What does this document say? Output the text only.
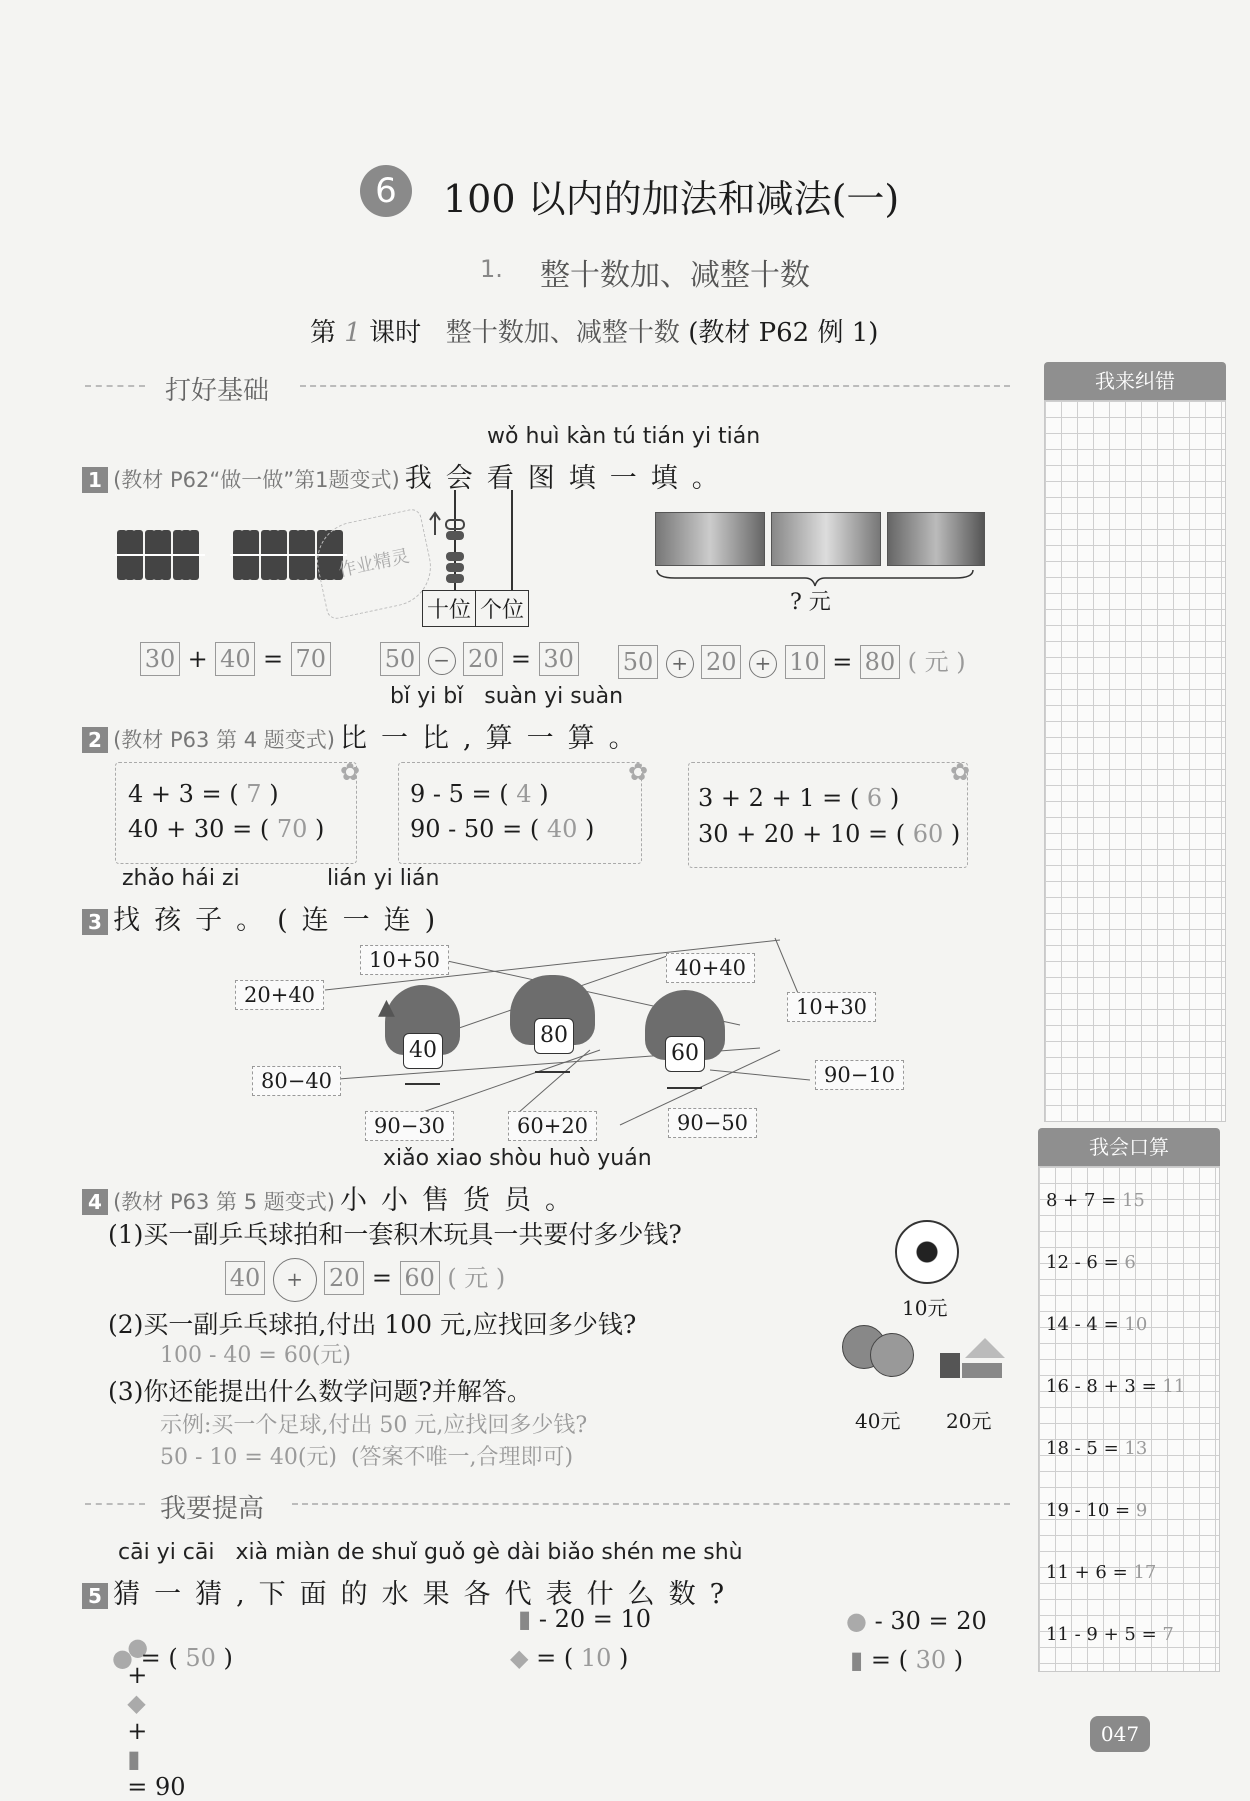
6	100 以内的加法和减法(一)
1. 整十数加、减整十数
第 1 课时 整十数加、减整十数 (教材 P62 例 1)
打好基础	我来纠错
我会口算
8 + 7 = 15
12 - 6 = 6
14 - 4 = 10
16 - 8 + 3 = 11
18 - 5 = 13
19 - 10 = 9
11 + 6 = 17
11 - 9 + 5 = 7
wǒ huì kàn tú tián yi tián
1 (教材 P62“做一做”第1题变式) 我会看图填一填。
作业精灵
十位 个位	? 元
30 + 40 = 70 50 − 20 = 30 50 + 20 + 10 = 80 ( 元 )
bǐ yi bǐ   suàn yi suàn
2 (教材 P63 第 4 题变式) 比一比,算一算。
4 + 3 = ( 7 )
40 + 30 = ( 70 )
9 - 5 = ( 4 )
90 - 50 = ( 40 )
3 + 2 + 1 = ( 6 )
30 + 20 + 10 = ( 60 )
✿	✿	✿
zhǎo hái zi	lián yi lián
3 找孩子。(连一连)
▲
40
80
60
10+50	40+40
20+40	10+30
80−40	90−10
90−30	60+20	90−50
xiǎo xiao shòu huò yuán
4 (教材 P63 第 5 题变式) 小小售货员。
(1)买一副乒乓球拍和一套积木玩具一共要付多少钱?
40 + 20 = 60 ( 元 )
(2)买一副乒乓球拍,付出 100 元,应找回多少钱?
100 - 40 = 60(元)
(3)你还能提出什么数学问题?并解答。
示例:买一个足球,付出 50 元,应找回多少钱?
50 - 10 = 40(元)  (答案不唯一,合理即可)
10元
40元 20元
我要提高
cāi yi cāi   xià miàn de shuǐ guǒ gè dài biǎo shén me shù
5 猜一猜,下面的水果各代表什么数?

●
+
◆
+
▮
= 90

▮ - 20 = 10	● - 30 = 20
● = ( 50 )	◆ = ( 10 )	▮ = ( 30 )
047
